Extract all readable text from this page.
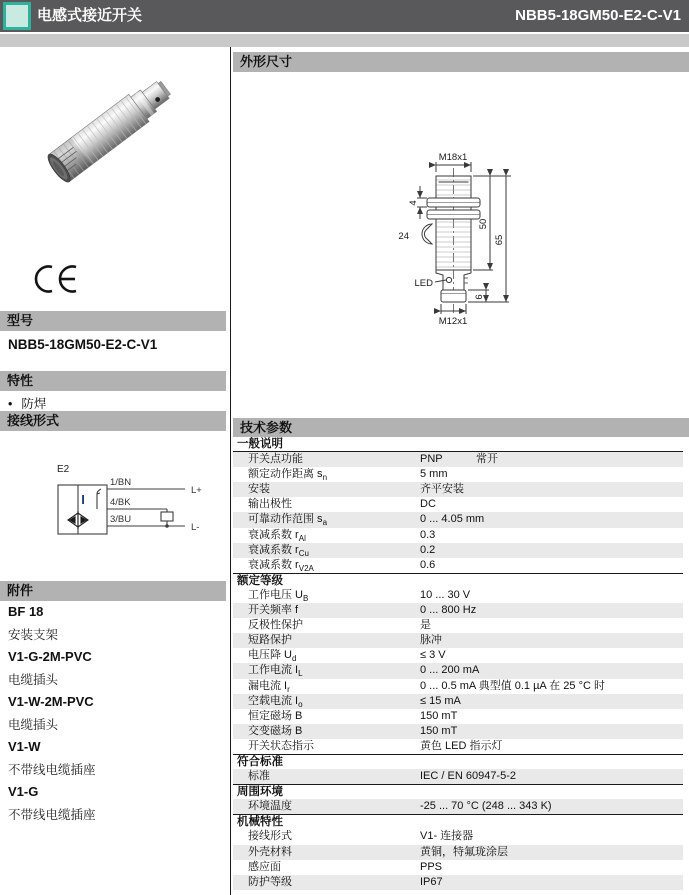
电感式接近开关	NBB5-18GM50-E2-C-V1
型号
NBB5-18GM50-E2-C-V1
特性
• 防焊
接线形式
E2
I
1/BN
4/BK
3/BU
L+
L-
附件
BF 18
安装支架
V1-G-2M-PVC
电缆插头
V1-W-2M-PVC
电缆插头
V1-W
不带线电缆插座
V1-G
不带线电缆插座
外形尺寸
M18x1
4
24
50
65
6
LED
M12x1
技术参数
一般说明
开关点功能	PNP	常开
额定动作距离 $s_n$	5 mm
安装	齐平安装
输出极性	DC
可靠动作范围 $s_a$	0 ... 4.05 mm
衰减系数 $r_{Al}$	0.3
衰减系数 $r_{Cu}$	0.2
衰减系数 $r_{V2A}$	0.6
额定等级
工作电压 $U_B$	10 ... 30 V
开关频率 f	0 ... 800 Hz
反极性保护	是
短路保护	脉冲
电压降 $U_d$	≤ 3 V
工作电流 $I_L$	0 ... 200 mA
漏电流 $I_r$	0 ... 0.5 mA 典型值 0.1 µA 在 25 °C 时
空载电流 $I_o$	≤ 15 mA
恒定磁场 B	150 mT
交变磁场 B	150 mT
开关状态指示	黄色 LED 指示灯
符合标准
标准	IEC / EN 60947-5-2
周围环境
环境温度	-25 ... 70 °C (248 ... 343 K)
机械特性
接线形式	V1- 连接器
外壳材料	黄铜，特氟珑涂层
感应面	PPS
防护等级	IP67
